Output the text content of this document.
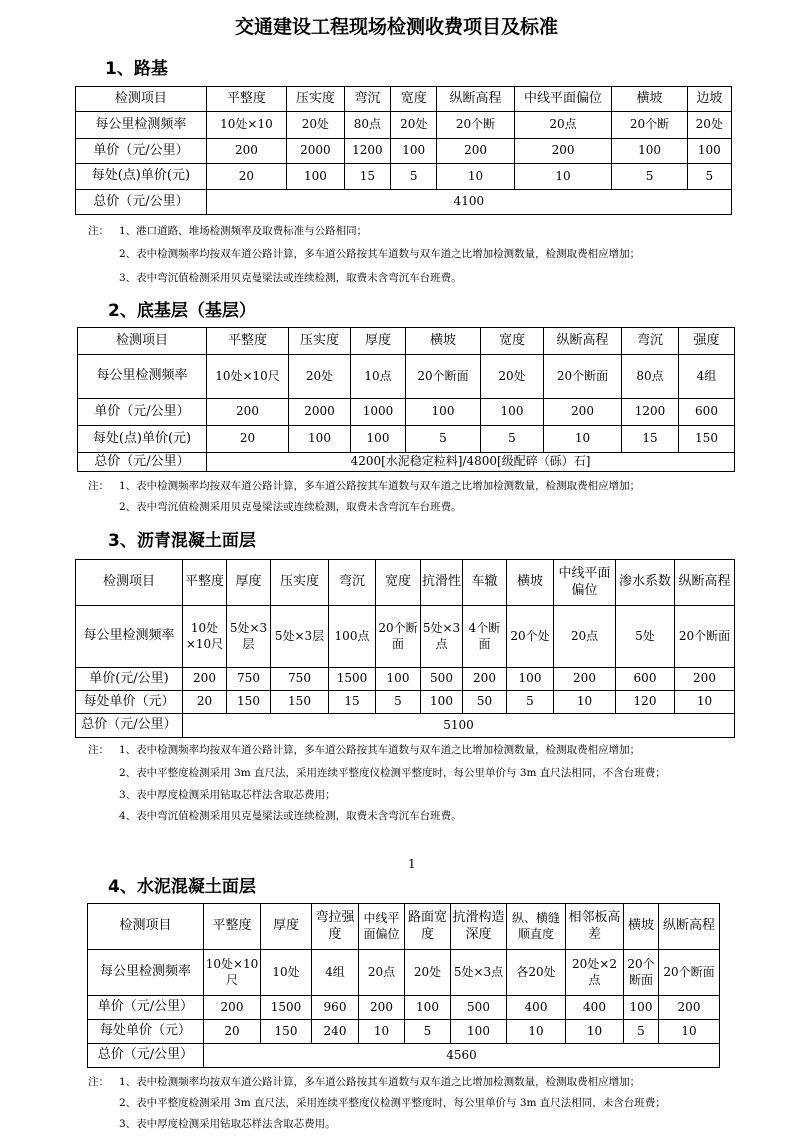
交通建设工程现场检测收费项目及标准
1、路基
检测项目	平整度	压实度	弯沉	宽度	纵断高程	中线平面偏位	横坡	边坡
每公里检测频率	10处×10	20处	80点	20处	20个断	20点	20个断	20处
单价（元/公里）	200	2000	1200	100	200	200	100	100
每处(点)单价(元)	20	100	15	5	10	10	5	5
总价（元/公里）	4100							
注： 1、港口道路、堆场检测频率及取费标准与公路相同；
2、表中检测频率均按双车道公路计算，多车道公路按其车道数与双车道之比增加检测数量，检测取费相应增加；
3、表中弯沉值检测采用贝克曼梁法或连续检测，取费未含弯沉车台班费。
2、底基层（基层）
检测项目	平整度	压实度	厚度	横坡	宽度	纵断高程	弯沉	强度
每公里检测频率	10处×10尺	20处	10点	20个断面	20处	20个断面	80点	4组
单价（元/公里）	200	2000	1000	100	100	200	1200	600
每处(点)单价(元)	20	100	100	5	5	10	15	150
总价（元/公里）	4200[水泥稳定粒料]/4800[级配碎（砾）石]							
注： 1、表中检测频率均按双车道公路计算，多车道公路按其车道数与双车道之比增加检测数量，检测取费相应增加；
2、表中弯沉值检测采用贝克曼梁法或连续检测，取费未含弯沉车台班费。
3、沥青混凝土面层
检测项目	平整度	厚度	压实度	弯沉	宽度	抗滑性	车辙	横坡	中线平面偏位	渗水系数	纵断高程
每公里检测频率	10处×10尺	5处×3层	5处×3层	100点	20个断面	5处×3点	4个断面	20个处	20点	5处	20个断面
单价(元/公里)	200	750	750	1500	100	500	200	100	200	600	200
每处单价（元）	20	150	150	15	5	100	50	5	10	120	10
总价（元/公里）	5100										
注： 1、表中检测频率均按双车道公路计算，多车道公路按其车道数与双车道之比增加检测数量，检测取费相应增加；
2、表中平整度检测采用 3m 直尺法，采用连续平整度仪检测平整度时，每公里单价与 3m 直尺法相同，不含台班费；
3、表中厚度检测采用钻取芯样法含取芯费用；
4、表中弯沉值检测采用贝克曼梁法或连续检测，取费未含弯沉车台班费。
1
4、水泥混凝土面层
检测项目	平整度	厚度	弯拉强度	中线平面偏位	路面宽度	抗滑构造深度	纵、横缝顺直度	相邻板高差	横坡	纵断高程
每公里检测频率	10处×10尺	10处	4组	20点	20处	5处×3点	各20处	20处×2点	20个断面	20个断面
单价（元/公里）	200	1500	960	200	100	500	400	400	100	200
每处单价（元）	20	150	240	10	5	100	10	10	5	10
总价（元/公里）	4560									
注： 1、表中检测频率均按双车道公路计算，多车道公路按其车道数与双车道之比增加检测数量，检测取费相应增加；
2、表中平整度检测采用 3m 直尺法，采用连续平整度仪检测平整度时，每公里单价与 3m 直尺法相同，未含台班费；
3、表中厚度检测采用钻取芯样法含取芯费用。
